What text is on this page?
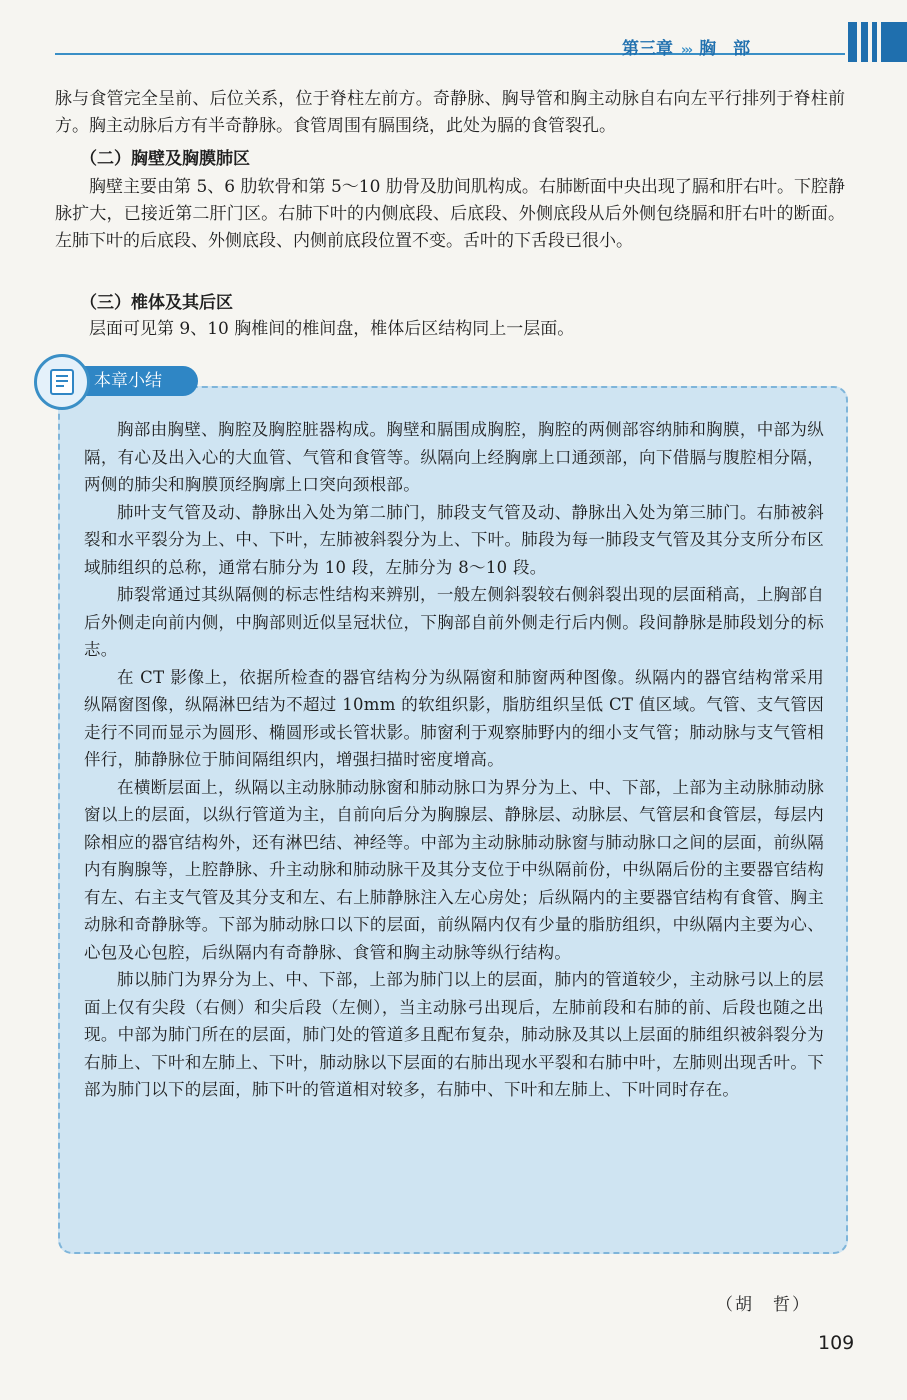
第三章 ››› 胸　部

脉与食管完全呈前、后位关系，位于脊柱左前方。奇静脉、胸导管和胸主动脉自右向左平行排列于脊柱前方。胸主动脉后方有半奇静脉。食管周围有膈围绕，此处为膈的食管裂孔。

（二）胸壁及胸膜肺区

胸壁主要由第 5、6 肋软骨和第 5～10 肋骨及肋间肌构成。右肺断面中央出现了膈和肝右叶。下腔静脉扩大，已接近第二肝门区。右肺下叶的内侧底段、后底段、外侧底段从后外侧包绕膈和肝右叶的断面。左肺下叶的后底段、外侧底段、内侧前底段位置不变。舌叶的下舌段已很小。

（三）椎体及其后区

层面可见第 9、10 胸椎间的椎间盘，椎体后区结构同上一层面。

胸部由胸壁、胸腔及胸腔脏器构成。胸壁和膈围成胸腔，胸腔的两侧部容纳肺和胸膜，中部为纵隔，有心及出入心的大血管、气管和食管等。纵隔向上经胸廓上口通颈部，向下借膈与腹腔相分隔，两侧的肺尖和胸膜顶经胸廓上口突向颈根部。

肺叶支气管及动、静脉出入处为第二肺门，肺段支气管及动、静脉出入处为第三肺门。右肺被斜裂和水平裂分为上、中、下叶，左肺被斜裂分为上、下叶。肺段为每一肺段支气管及其分支所分布区域肺组织的总称，通常右肺分为 10 段，左肺分为 8～10 段。

肺裂常通过其纵隔侧的标志性结构来辨别，一般左侧斜裂较右侧斜裂出现的层面稍高，上胸部自后外侧走向前内侧，中胸部则近似呈冠状位，下胸部自前外侧走行后内侧。段间静脉是肺段划分的标志。

在 CT 影像上，依据所检查的器官结构分为纵隔窗和肺窗两种图像。纵隔内的器官结构常采用纵隔窗图像，纵隔淋巴结为不超过 10mm 的软组织影，脂肪组织呈低 CT 值区域。气管、支气管因走行不同而显示为圆形、椭圆形或长管状影。肺窗利于观察肺野内的细小支气管；肺动脉与支气管相伴行，肺静脉位于肺间隔组织内，增强扫描时密度增高。

在横断层面上，纵隔以主动脉肺动脉窗和肺动脉口为界分为上、中、下部，上部为主动脉肺动脉窗以上的层面，以纵行管道为主，自前向后分为胸腺层、静脉层、动脉层、气管层和食管层，每层内除相应的器官结构外，还有淋巴结、神经等。中部为主动脉肺动脉窗与肺动脉口之间的层面，前纵隔内有胸腺等，上腔静脉、升主动脉和肺动脉干及其分支位于中纵隔前份，中纵隔后份的主要器官结构有左、右主支气管及其分支和左、右上肺静脉注入左心房处；后纵隔内的主要器官结构有食管、胸主动脉和奇静脉等。下部为肺动脉口以下的层面，前纵隔内仅有少量的脂肪组织，中纵隔内主要为心、心包及心包腔，后纵隔内有奇静脉、食管和胸主动脉等纵行结构。

肺以肺门为界分为上、中、下部，上部为肺门以上的层面，肺内的管道较少，主动脉弓以上的层面上仅有尖段（右侧）和尖后段（左侧），当主动脉弓出现后，左肺前段和右肺的前、后段也随之出现。中部为肺门所在的层面，肺门处的管道多且配布复杂，肺动脉及其以上层面的肺组织被斜裂分为右肺上、下叶和左肺上、下叶，肺动脉以下层面的右肺出现水平裂和右肺中叶，左肺则出现舌叶。下部为肺门以下的层面，肺下叶的管道相对较多，右肺中、下叶和左肺上、下叶同时存在。

本章小结
（胡　哲）
109
